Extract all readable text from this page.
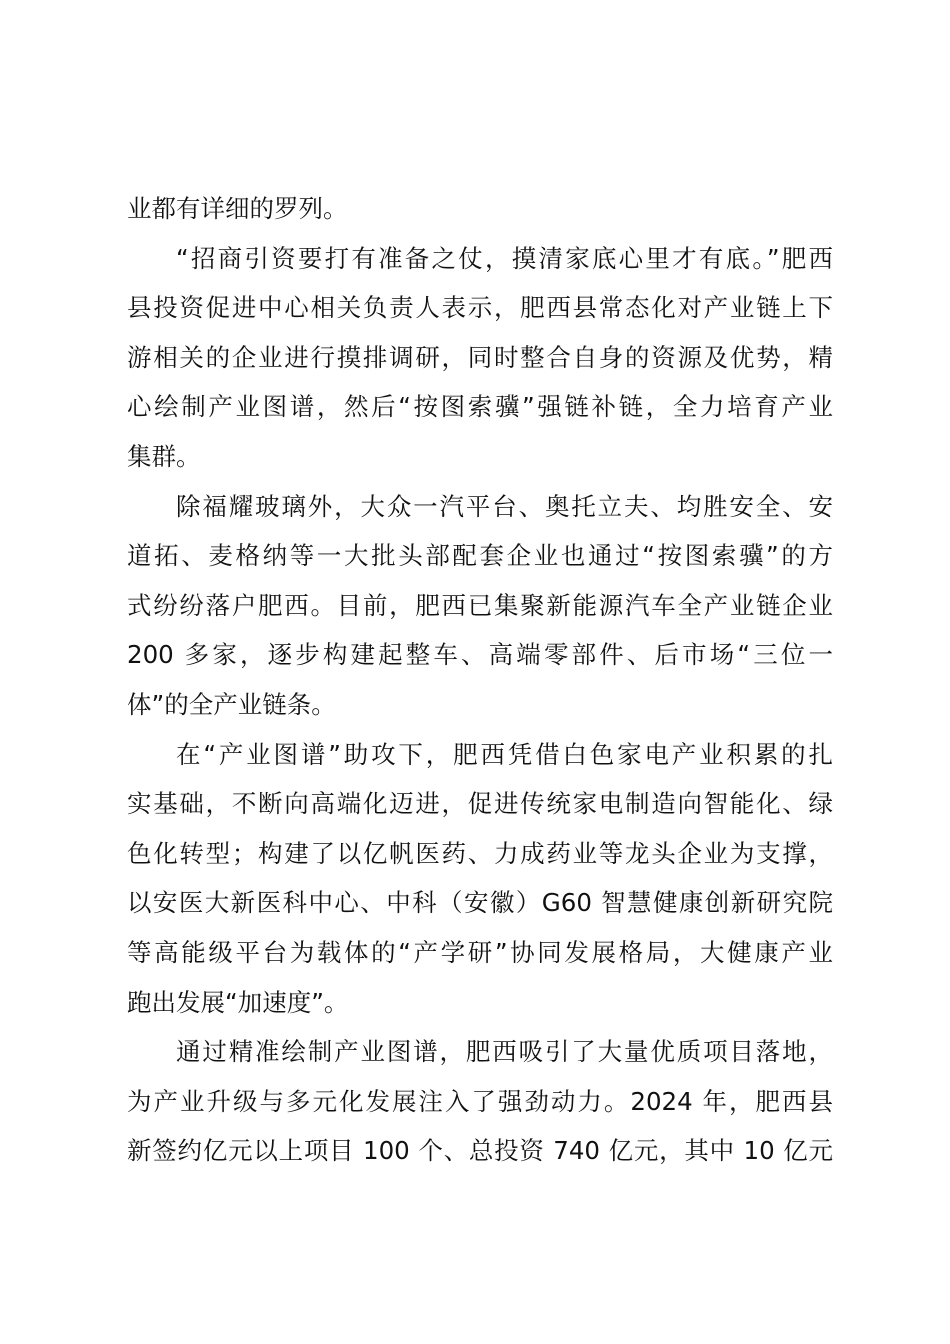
业都有详细的罗列。

“招商引资要打有准备之仗，摸清家底心里才有底。”肥西
县投资促进中心相关负责人表示，肥西县常态化对产业链上下
游相关的企业进行摸排调研，同时整合自身的资源及优势，精
心绘制产业图谱，然后“按图索骥”强链补链，全力培育产业
集群。

除福耀玻璃外，大众一汽平台、奥托立夫、均胜安全、安
道拓、麦格纳等一大批头部配套企业也通过“按图索骥”的方
式纷纷落户肥西。目前，肥西已集聚新能源汽车全产业链企业
200 多家，逐步构建起整车、高端零部件、后市场“三位一
体”的全产业链条。

在“产业图谱”助攻下，肥西凭借白色家电产业积累的扎
实基础，不断向高端化迈进，促进传统家电制造向智能化、绿
色化转型；构建了以亿帆医药、力成药业等龙头企业为支撑，
以安医大新医科中心、中科（安徽）G60 智慧健康创新研究院
等高能级平台为载体的“产学研”协同发展格局，大健康产业
跑出发展“加速度”。

通过精准绘制产业图谱，肥西吸引了大量优质项目落地，
为产业升级与多元化发展注入了强劲动力。2024 年，肥西县
新签约亿元以上项目 100 个、总投资 740 亿元，其中 10 亿元
